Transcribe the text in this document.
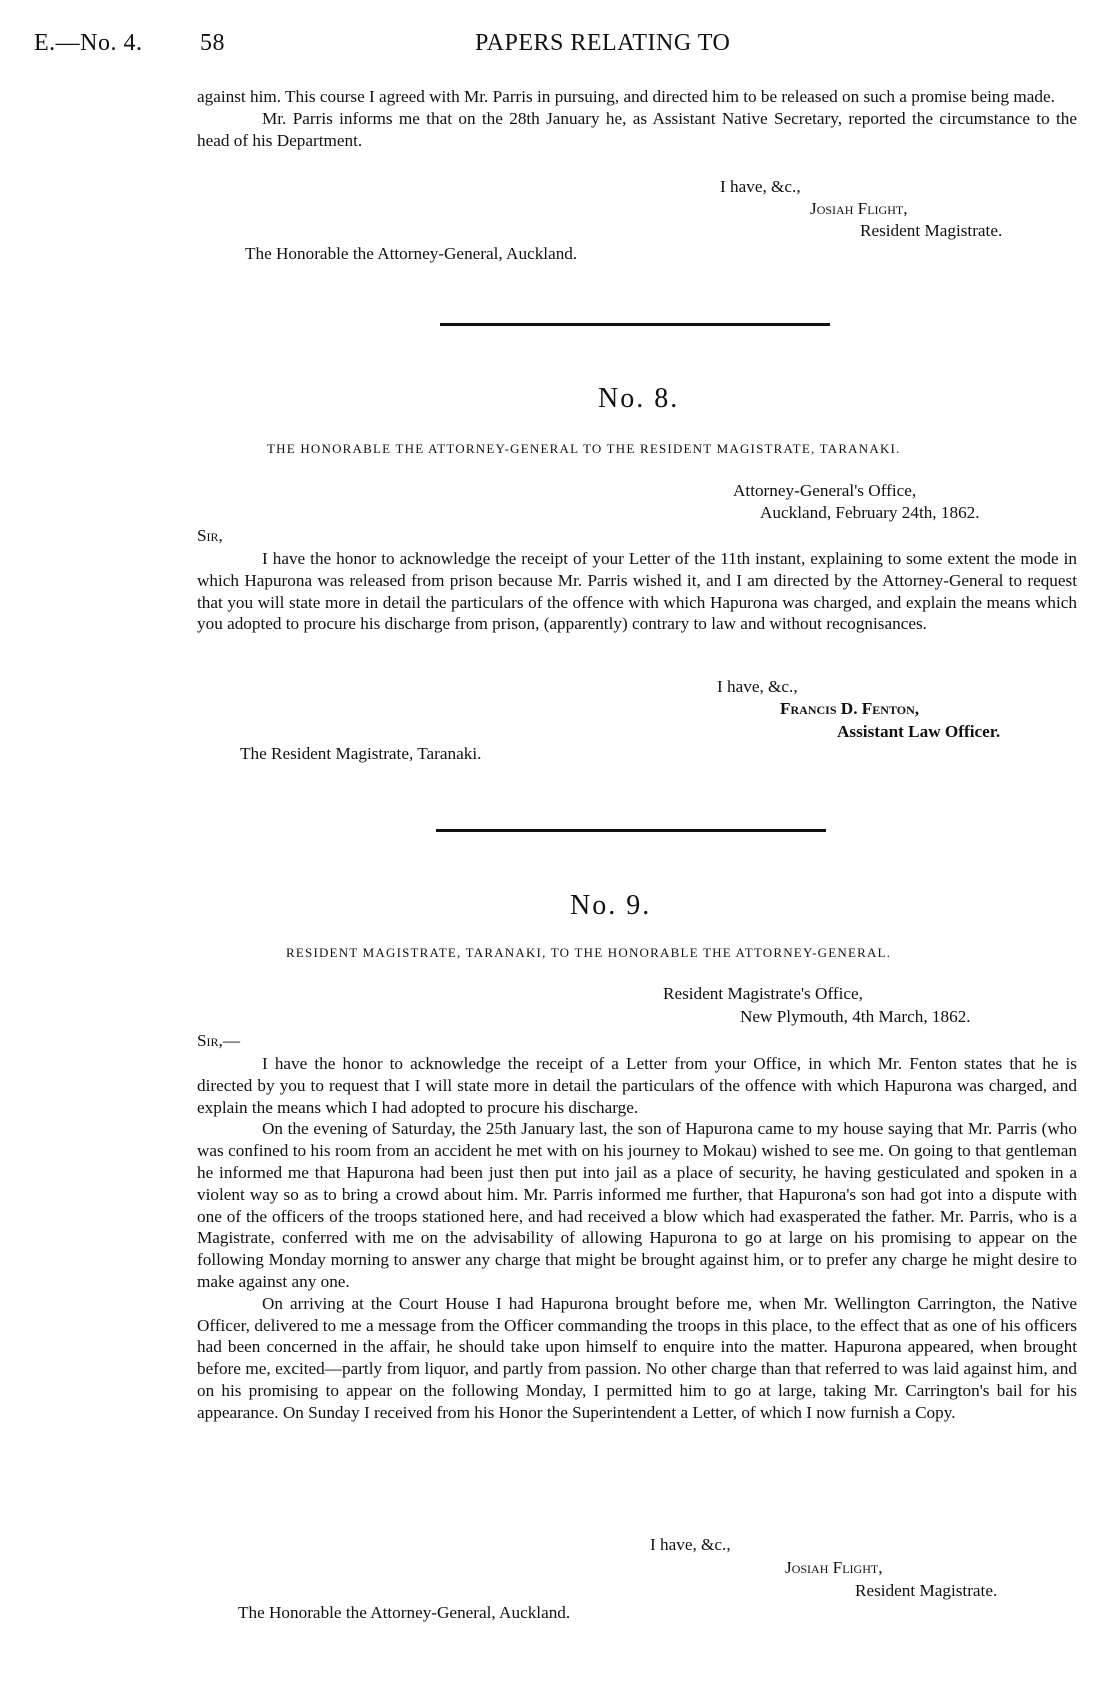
E.—No. 4. 58	PAPERS RELATING TO

against him. This course I agreed with Mr. Parris in pursuing, and directed him to be released on such a promise being made.

Mr. Parris informs me that on the 28th January he, as Assistant Native Secretary, reported the circumstance to the head of his Department.

I have, &c.,
Josiah Flight,
Resident Magistrate.
The Honorable the Attorney-General, Auckland.
No. 8.
THE HONORABLE THE ATTORNEY-GENERAL TO THE RESIDENT MAGISTRATE, TARANAKI.
Attorney-General's Office,
Auckland, February 24th, 1862.
Sir,

I have the honor to acknowledge the receipt of your Letter of the 11th instant, explaining to some extent the mode in which Hapurona was released from prison because Mr. Parris wished it, and I am directed by the Attorney-General to request that you will state more in detail the particulars of the offence with which Hapurona was charged, and explain the means which you adopted to procure his discharge from prison, (apparently) contrary to law and without recognisances.

I have, &c.,
Francis D. Fenton,
Assistant Law Officer.
The Resident Magistrate, Taranaki.
No. 9.
RESIDENT MAGISTRATE, TARANAKI, TO THE HONORABLE THE ATTORNEY-GENERAL.
Resident Magistrate's Office,
New Plymouth, 4th March, 1862.
Sir,—

I have the honor to acknowledge the receipt of a Letter from your Office, in which Mr. Fenton states that he is directed by you to request that I will state more in detail the particulars of the offence with which Hapurona was charged, and explain the means which I had adopted to procure his discharge.

On the evening of Saturday, the 25th January last, the son of Hapurona came to my house saying that Mr. Parris (who was confined to his room from an accident he met with on his journey to Mokau) wished to see me. On going to that gentleman he informed me that Hapurona had been just then put into jail as a place of security, he having gesticulated and spoken in a violent way so as to bring a crowd about him. Mr. Parris informed me further, that Hapurona's son had got into a dispute with one of the officers of the troops stationed here, and had received a blow which had exasperated the father. Mr. Parris, who is a Magistrate, conferred with me on the advisability of allowing Hapurona to go at large on his promising to appear on the following Monday morning to answer any charge that might be brought against him, or to prefer any charge he might desire to make against any one.

On arriving at the Court House I had Hapurona brought before me, when Mr. Wellington Carrington, the Native Officer, delivered to me a message from the Officer commanding the troops in this place, to the effect that as one of his officers had been concerned in the affair, he should take upon himself to enquire into the matter. Hapurona appeared, when brought before me, excited—partly from liquor, and partly from passion. No other charge than that referred to was laid against him, and on his promising to appear on the following Monday, I permitted him to go at large, taking Mr. Carrington's bail for his appearance. On Sunday I received from his Honor the Superintendent a Letter, of which I now furnish a Copy.

I have, &c.,
Josiah Flight,
Resident Magistrate.
The Honorable the Attorney-General, Auckland.
